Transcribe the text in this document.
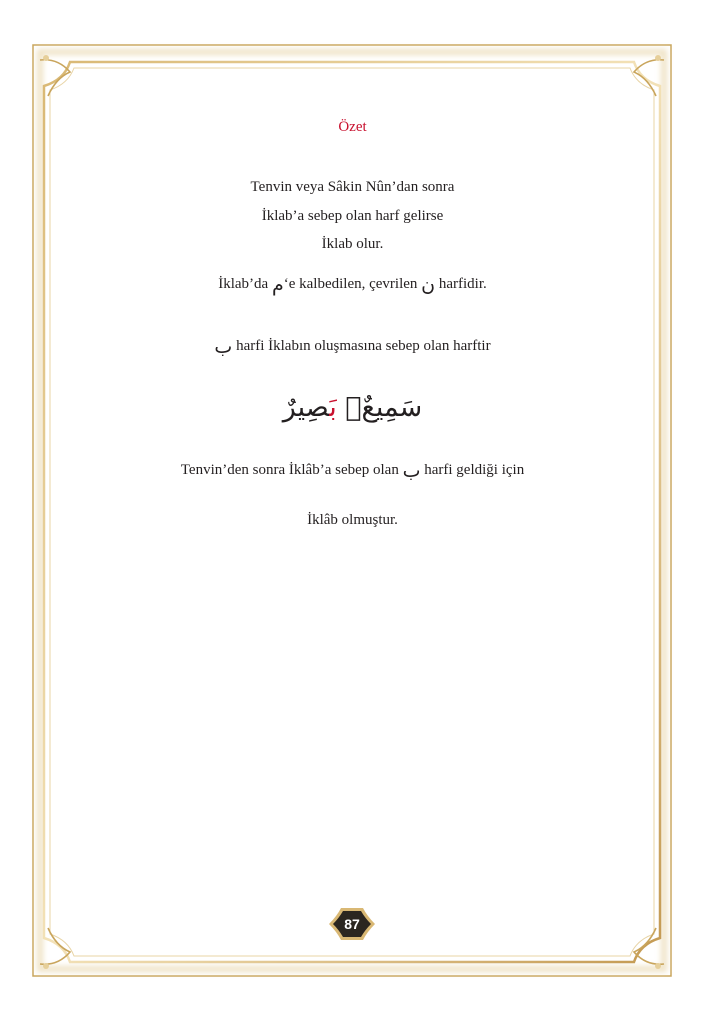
Özet
Tenvin veya Sâkin Nûn’dan sonra
İklab’a sebep olan harf gelirse
İklab olur.
İklab’da م‘e kalbedilen, çevrilen ن harfidir.
ب harfi İklabın oluşmasına sebep olan harftir
سَمِيعٌۢ بَصِيرٌ
Tenvin’den sonra İklâb’a sebep olan ب harfi geldiği için
İklâb olmuştur.
87
